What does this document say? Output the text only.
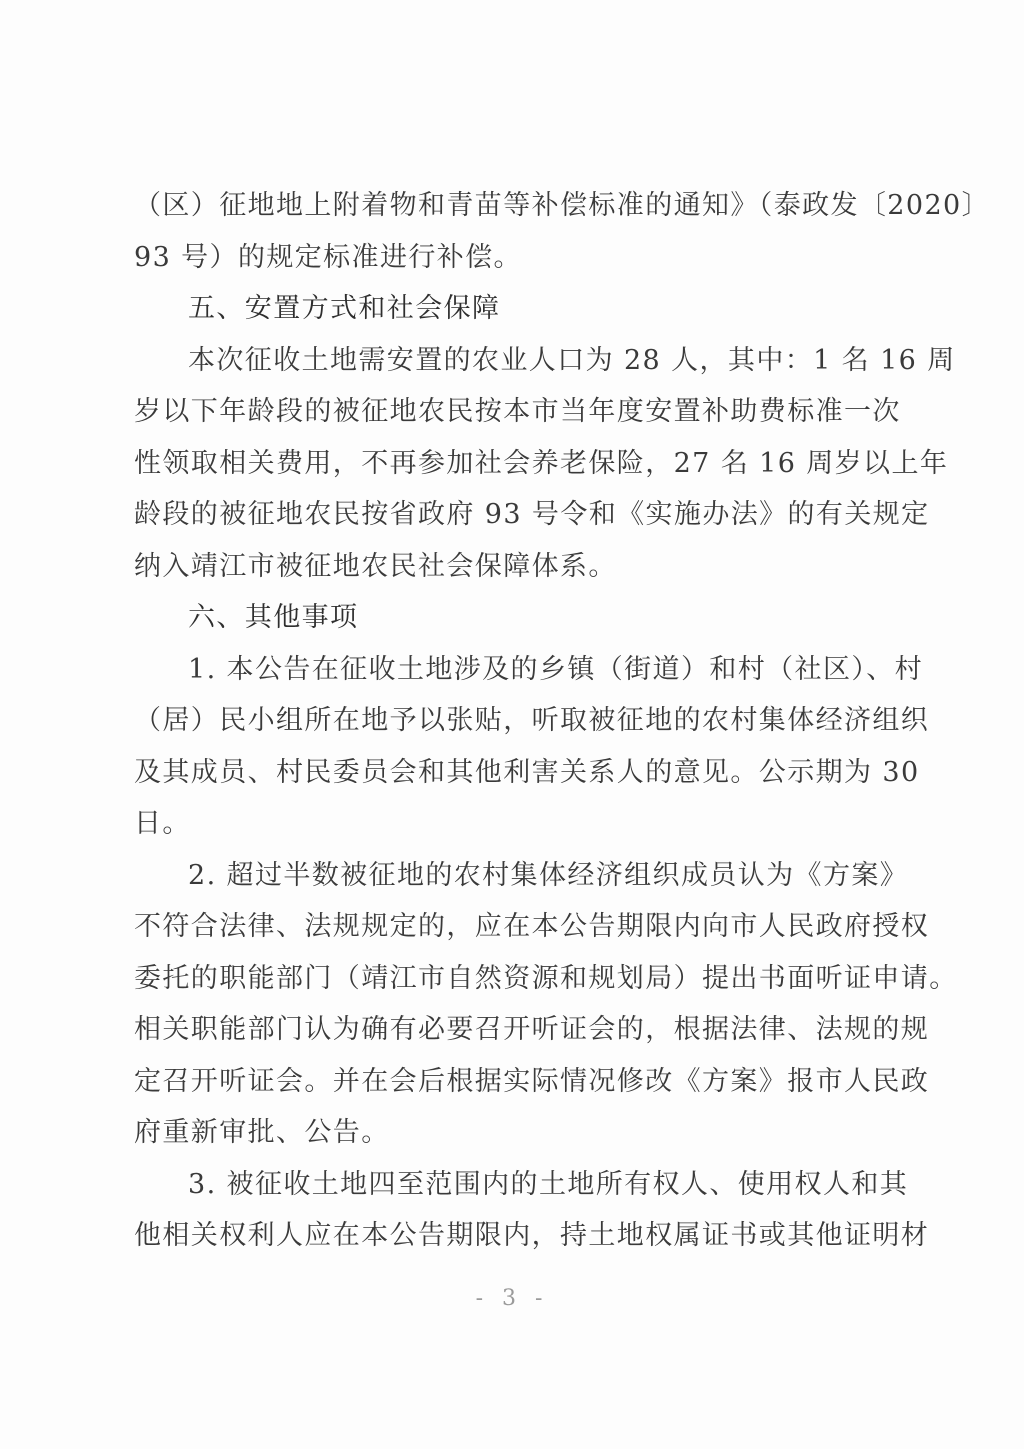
（区）征地地上附着物和青苗等补偿标准的通知》（泰政发〔2020〕
93 号）的规定标准进行补偿。
五、安置方式和社会保障
本次征收土地需安置的农业人口为 28 人，其中：1 名 16 周
岁以下年龄段的被征地农民按本市当年度安置补助费标准一次
性领取相关费用，不再参加社会养老保险，27 名 16 周岁以上年
龄段的被征地农民按省政府 93 号令和《实施办法》的有关规定
纳入靖江市被征地农民社会保障体系。
六、其他事项
1. 本公告在征收土地涉及的乡镇（街道）和村（社区）、村
（居）民小组所在地予以张贴，听取被征地的农村集体经济组织
及其成员、村民委员会和其他利害关系人的意见。公示期为 30
日。
2. 超过半数被征地的农村集体经济组织成员认为《方案》
不符合法律、法规规定的，应在本公告期限内向市人民政府授权
委托的职能部门（靖江市自然资源和规划局）提出书面听证申请。
相关职能部门认为确有必要召开听证会的，根据法律、法规的规
定召开听证会。并在会后根据实际情况修改《方案》报市人民政
府重新审批、公告。
3. 被征收土地四至范围内的土地所有权人、使用权人和其
他相关权利人应在本公告期限内，持土地权属证书或其他证明材
- 3 -
